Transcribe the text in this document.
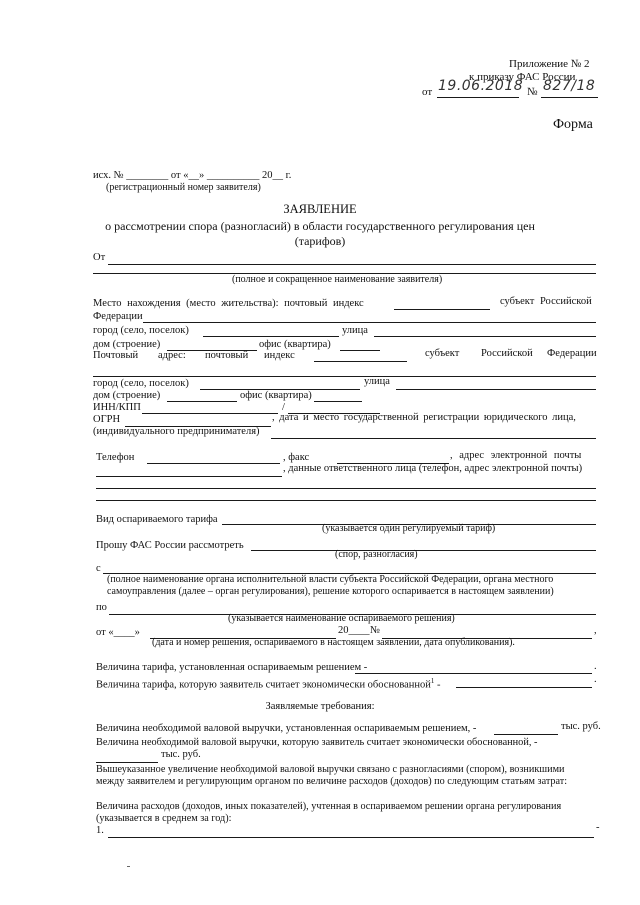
Приложение № 2
к приказу ФАС России
от 19.06.2018 № 827/18
Форма
исх. № ________ от «__» __________ 20__ г.
(регистрационный номер заявителя)
ЗАЯВЛЕНИЕ
о рассмотрении спора (разногласий) в области государственного регулирования цен
(тарифов)
От
(полное и сокращенное наименование заявителя)
Место нахождения (место жительства): почтовый индекс	субъект Российской
Федерации
город (село, поселок)	улица
дом (строение)	офис (квартира)
Почтовый адрес: почтовый индекс	субъект Российской Федерации
город (село, поселок)	улица
дом (строение)	офис (квартира)
ИНН/КПП	/
ОГРН	, дата и место государственной регистрации юридического лица,
(индивидуального предпринимателя)
Телефон	, факс	, адрес электронной почты
, данные ответственного лица (телефон, адрес электронной почты)
Вид оспариваемого тарифа
(указывается один регулируемый тариф)
Прошу ФАС России рассмотреть
(спор, разногласия)
с
(полное наименование органа исполнительной власти субъекта Российской Федерации, органа местного
самоуправления (далее – орган регулирования), решение которого оспаривается в настоящем заявлении)
по
(указывается наименование оспариваемого решения)
от «____»	20____ №	,
(дата и номер решения, оспариваемого в настоящем заявлении, дата опубликования).
Величина тарифа, установленная оспариваемым решением -	.
Величина тарифа, которую заявитель считает экономически обоснованной$^1$ -	.
Заявляемые требования:
Величина необходимой валовой выручки, установленная оспариваемым решением, -	тыс. руб.
Величина необходимой валовой выручки, которую заявитель считает экономически обоснованной, -
тыс. руб.
Вышеуказанное увеличение необходимой валовой выручки связано с разногласиями (спором), возникшими
между заявителем и регулирующим органом по величине расходов (доходов) по следующим статьям затрат:
Величина расходов (доходов, иных показателей), учтенная в оспариваемом решении органа регулирования
(указывается в среднем за год):
1.	-
